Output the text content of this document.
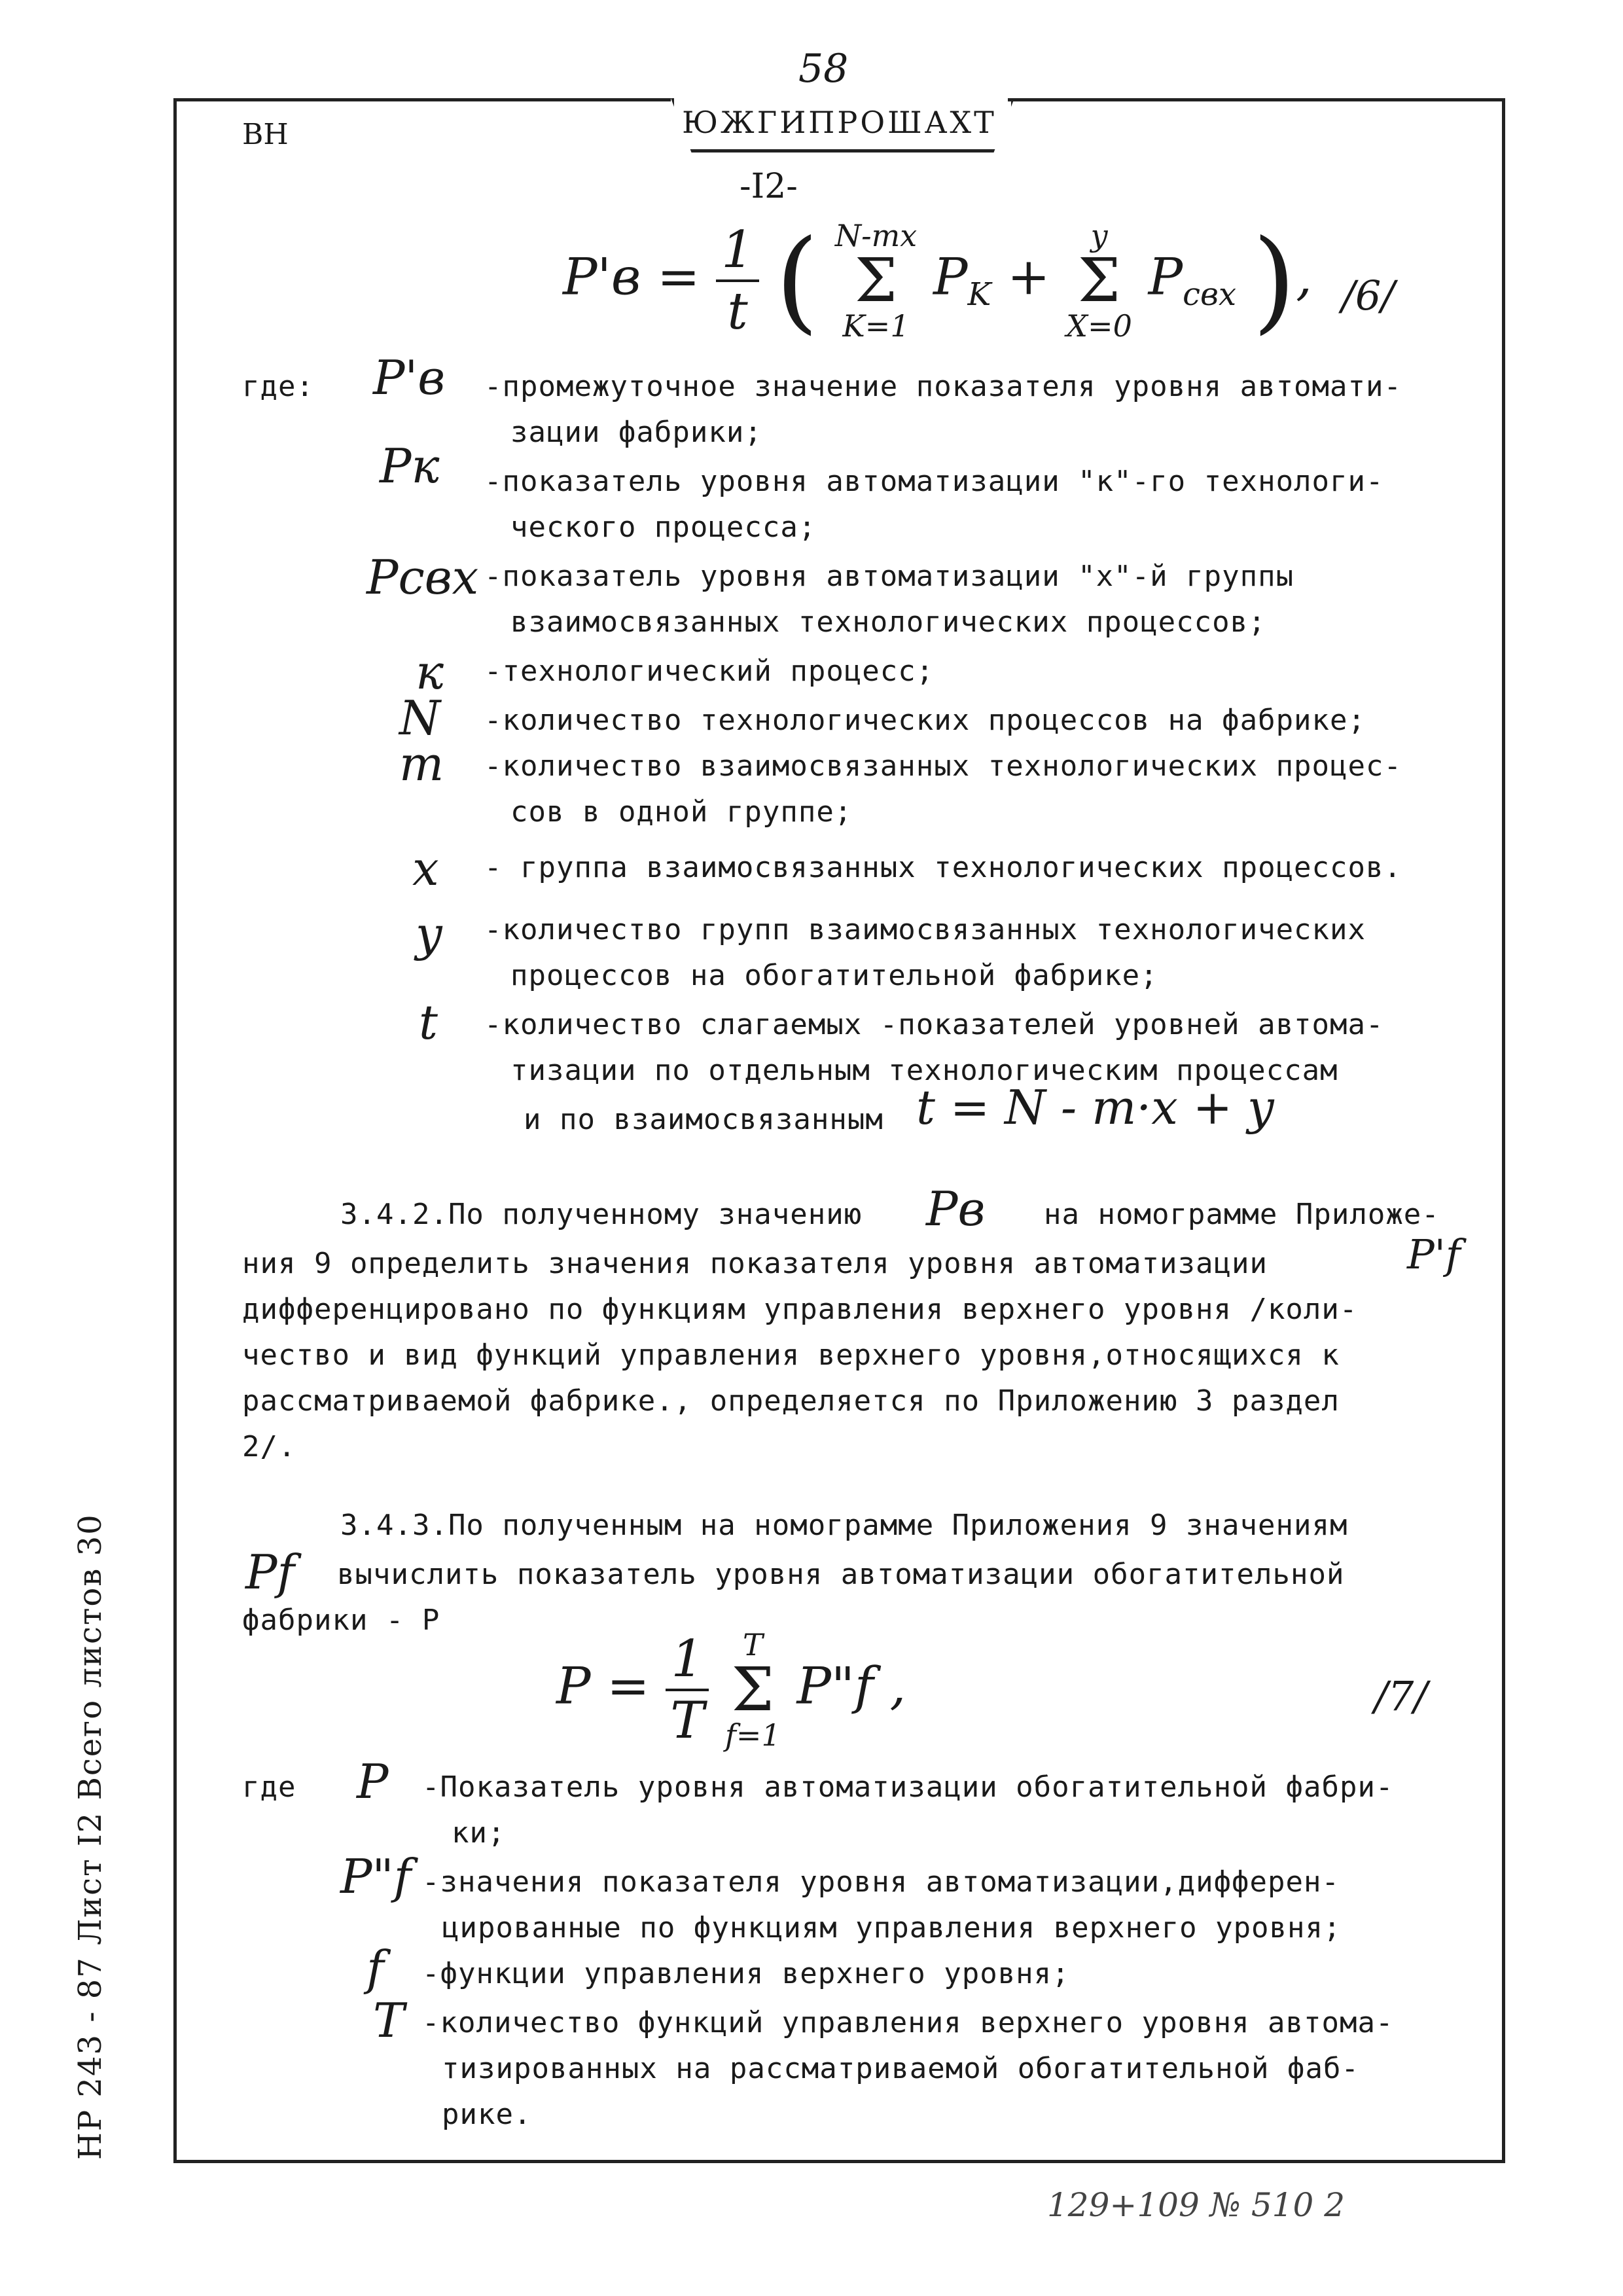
ЮЖГИПРОШАХТ
58
ВН
-I2-
$P'в = \frac{1}{t}$ ( N-mx
Σ
K=1
$P_K$ +
y
Σ
X=0
$P_{cвx}$ ), /6/
где: P'в -промежуточное значение показателя уровня автомати-
зации фабрики;
Pк -показатель уровня автоматизации "к"-го технологи-
ческого процесса;
Pсвх -показатель уровня автоматизации "х"-й группы
взаимосвязанных технологических процессов;
к -технологический процесс;
N -количество технологических процессов на фабрике;
m -количество взаимосвязанных технологических процес-
сов в одной группе;
x - группа взаимосвязанных технологических процессов.
y -количество групп взаимосвязанных технологических
процессов на обогатительной фабрике;
t -количество слагаемых -показателей уровней автома-
тизации по отдельным технологическим процессам
и по взаимосвязанным t = N - m·x + y
3.4.2.По полученному значению Pв на номограмме Приложе-
ния 9 определить значения показателя уровня автоматизации	P'f
дифференцировано по функциям управления верхнего уровня /коли-
чество и вид функций управления верхнего уровня,относящихся к
рассматриваемой фабрике., определяется по Приложению 3 раздел
2/.
3.4.3.По полученным на номограмме Приложения 9 значениям
Pf вычислить показатель уровня автоматизации обогатительной
фабрики - Р
$P = \frac{1}{T}$
	T
Σ
f=1
P"f ,	/7/
где P -Показатель уровня автоматизации обогатительной фабри-
ки;
P"f -значения показателя уровня автоматизации,дифферен-
цированные по функциям управления верхнего уровня;
f -функции управления верхнего уровня;
T -количество функций управления верхнего уровня автома-
тизированных на рассматриваемой обогатительной фаб-
рике.
НР 243 - 87 Лист I2 Всего листов 30
129+109 № 510 2
